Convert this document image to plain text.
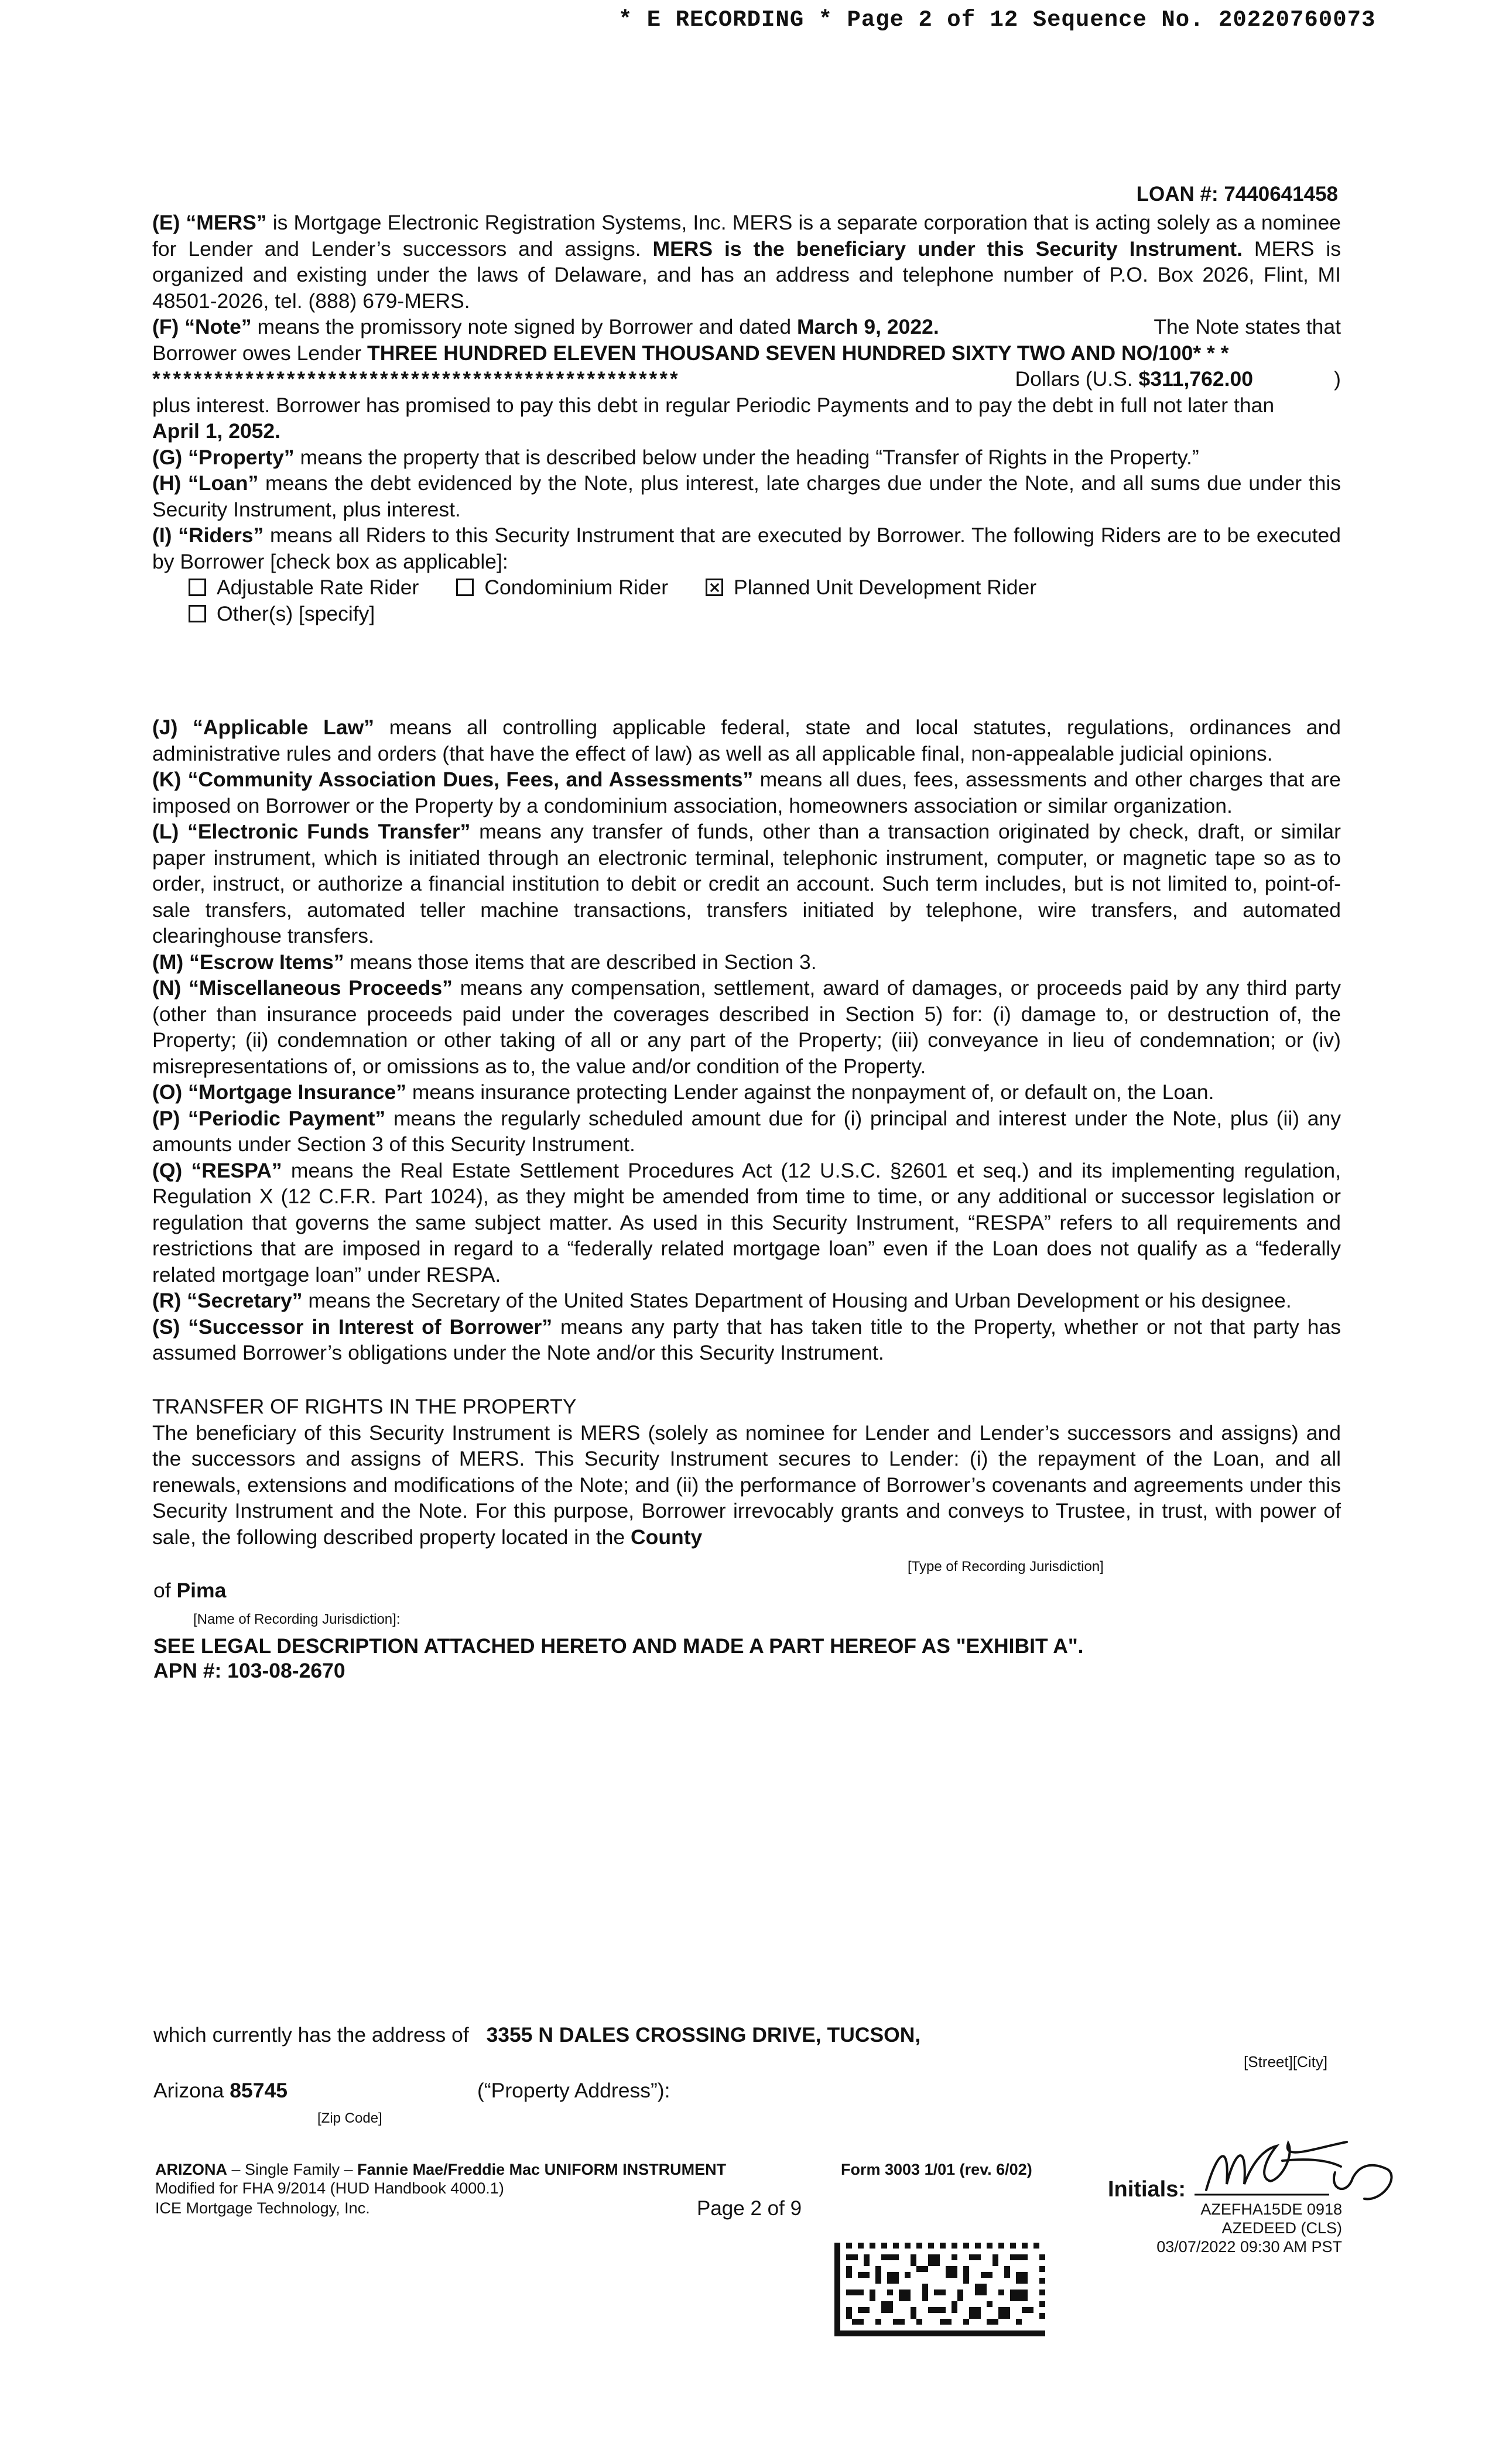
* E RECORDING * Page 2 of 12 Sequence No. 20220760073
LOAN #: 7440641458

(E) “MERS” is Mortgage Electronic Registration Systems, Inc. MERS is a separate corporation that is acting solely as a nominee for Lender and Lender’s successors and assigns. MERS is the beneficiary under this Security Instrument. MERS is organized and existing under the laws of Delaware, and has an address and telephone number of P.O. Box 2026, Flint, MI 48501-2026, tel. (888) 679-MERS.

(F) “Note” means the promissory note signed by Borrower and dated March 9, 2022.	The Note states that

Borrower owes Lender THREE HUNDRED ELEVEN THOUSAND SEVEN HUNDRED SIXTY TWO AND NO/100* * *

* * * * * * * * * * * * * * * * * * * * * * * * * * * * * * * * * * * * * * * * * * * * * * * * * * *	Dollars (U.S. $311,762.00	)

plus interest. Borrower has promised to pay this debt in regular Periodic Payments and to pay the debt in full not later than

April 1, 2052.

(G) “Property” means the property that is described below under the heading “Transfer of Rights in the Property.”

(H) “Loan” means the debt evidenced by the Note, plus interest, late charges due under the Note, and all sums due under this Security Instrument, plus interest.

(I) “Riders” means all Riders to this Security Instrument that are executed by Borrower. The following Riders are to be executed by Borrower [check box as applicable]:

Adjustable Rate Rider	Condominium Rider	Planned Unit Development Rider
Other(s) [specify]

(J) “Applicable Law” means all controlling applicable federal, state and local statutes, regulations, ordinances and administrative rules and orders (that have the effect of law) as well as all applicable final, non-appealable judicial opinions.

(K) “Community Association Dues, Fees, and Assessments” means all dues, fees, assessments and other charges that are imposed on Borrower or the Property by a condominium association, homeowners association or similar organization.

(L) “Electronic Funds Transfer” means any transfer of funds, other than a transaction originated by check, draft, or similar paper instrument, which is initiated through an electronic terminal, telephonic instrument, computer, or magnetic tape so as to order, instruct, or authorize a financial institution to debit or credit an account. Such term includes, but is not limited to, point-of-sale transfers, automated teller machine transactions, transfers initiated by telephone, wire transfers, and automated clearinghouse transfers.

(M) “Escrow Items” means those items that are described in Section 3.

(N) “Miscellaneous Proceeds” means any compensation, settlement, award of damages, or proceeds paid by any third party (other than insurance proceeds paid under the coverages described in Section 5) for: (i) damage to, or destruction of, the Property; (ii) condemnation or other taking of all or any part of the Property; (iii) conveyance in lieu of condemnation; or (iv) misrepresentations of, or omissions as to, the value and/or condition of the Property.

(O) “Mortgage Insurance” means insurance protecting Lender against the nonpayment of, or default on, the Loan.

(P) “Periodic Payment” means the regularly scheduled amount due for (i) principal and interest under the Note, plus (ii) any amounts under Section 3 of this Security Instrument.

(Q) “RESPA” means the Real Estate Settlement Procedures Act (12 U.S.C. §2601 et seq.) and its implementing regulation, Regulation X (12 C.F.R. Part 1024), as they might be amended from time to time, or any additional or successor legislation or regulation that governs the same subject matter. As used in this Security Instrument, “RESPA” refers to all requirements and restrictions that are imposed in regard to a “federally related mortgage loan” even if the Loan does not qualify as a “federally related mortgage loan” under RESPA.

(R) “Secretary” means the Secretary of the United States Department of Housing and Urban Development or his designee.

(S) “Successor in Interest of Borrower” means any party that has taken title to the Property, whether or not that party has assumed Borrower’s obligations under the Note and/or this Security Instrument.

TRANSFER OF RIGHTS IN THE PROPERTY

The beneficiary of this Security Instrument is MERS (solely as nominee for Lender and Lender’s successors and assigns) and the successors and assigns of MERS. This Security Instrument secures to Lender: (i) the repayment of the Loan, and all renewals, extensions and modifications of the Note; and (ii) the performance of Borrower’s covenants and agreements under this Security Instrument and the Note. For this purpose, Borrower irrevocably grants and conveys to Trustee, in trust, with power of sale, the following described property located in the County

[Type of Recording Jurisdiction]
of Pima
[Name of Recording Jurisdiction]:
SEE LEGAL DESCRIPTION ATTACHED HERETO AND MADE A PART HEREOF AS "EXHIBIT A".
APN #: 103-08-2670
which currently has the address of 3355 N DALES CROSSING DRIVE, TUCSON,
[Street][City]
Arizona 85745	(“Property Address”):
[Zip Code]
ARIZONA – Single Family – Fannie Mae/Freddie Mac UNIFORM INSTRUMENT	Form 3003 1/01 (rev. 6/02)
Modified for FHA 9/2014 (HUD Handbook 4000.1)
ICE Mortgage Technology, Inc.	Page 2 of 9
Initials:
AZEFHA15DE 0918
AZEDEED (CLS)
03/07/2022 09:30 AM PST
